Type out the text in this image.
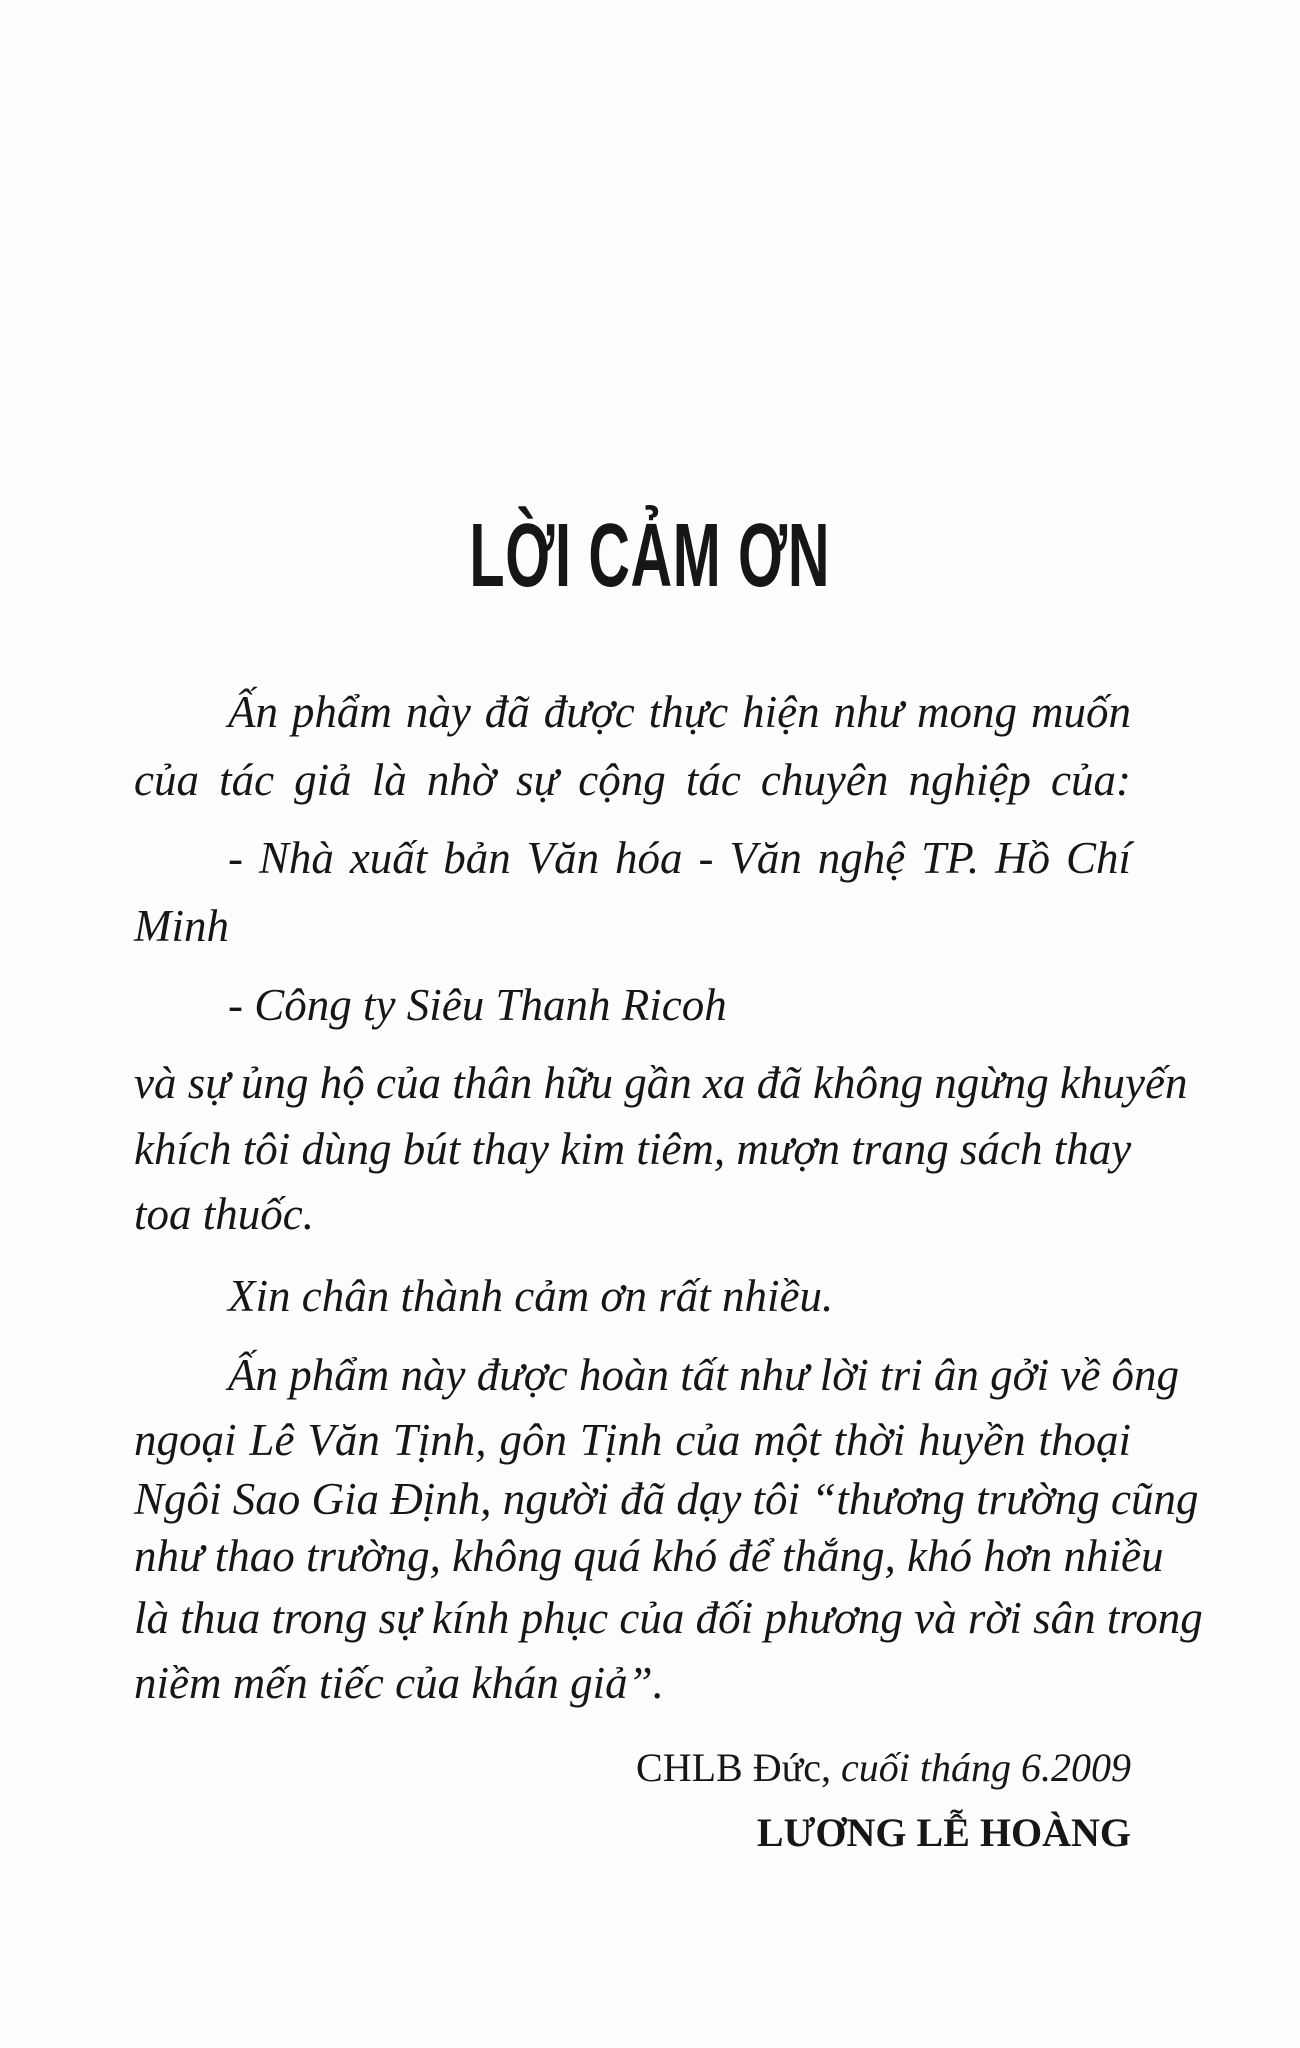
LỜI CẢM ƠN
Ấn phẩm này đã được thực hiện như mong muốn
của tác giả là nhờ sự cộng tác chuyên nghiệp của:
- Nhà xuất bản Văn hóa - Văn nghệ TP. Hồ Chí
Minh
- Công ty Siêu Thanh Ricoh
và sự ủng hộ của thân hữu gần xa đã không ngừng khuyến
khích tôi dùng bút thay kim tiêm, mượn trang sách thay
toa thuốc.
Xin chân thành cảm ơn rất nhiều.
Ấn phẩm này được hoàn tất như lời tri ân gởi về ông
ngoại Lê Văn Tịnh, gôn Tịnh của một thời huyền thoại
Ngôi Sao Gia Định, người đã dạy tôi “thương trường cũng
như thao trường, không quá khó để thắng, khó hơn nhiều
là thua trong sự kính phục của đối phương và rời sân trong
niềm mến tiếc của khán giả”.
CHLB Đức, cuối tháng 6.2009
LƯƠNG LỄ HOÀNG
